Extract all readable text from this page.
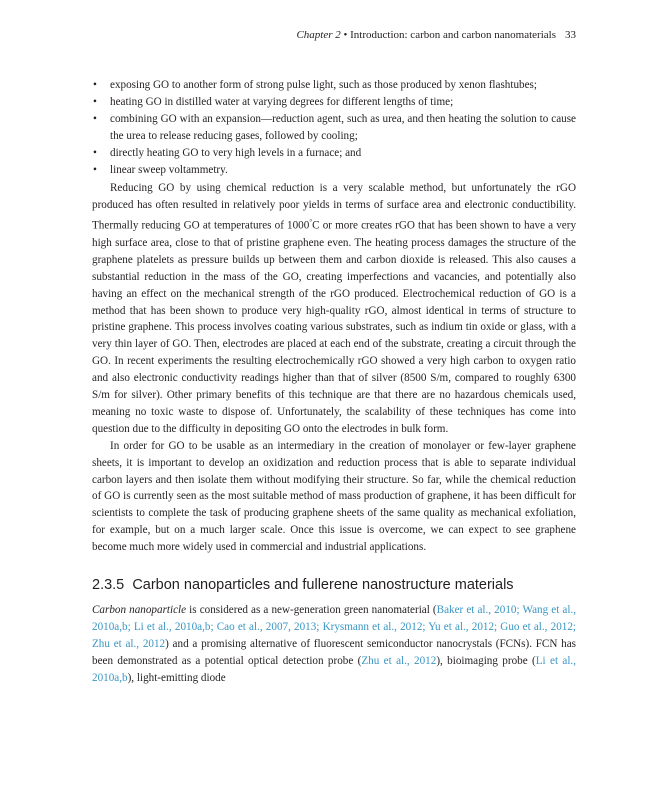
Chapter 2 • Introduction: carbon and carbon nanomaterials 33
• exposing GO to another form of strong pulse light, such as those produced by xenon flashtubes;
• heating GO in distilled water at varying degrees for different lengths of time;
• combining GO with an expansion—reduction agent, such as urea, and then heating the solution to cause the urea to release reducing gases, followed by cooling;
• directly heating GO to very high levels in a furnace; and
• linear sweep voltammetry.

Reducing GO by using chemical reduction is a very scalable method, but unfortunately the rGO produced has often resulted in relatively poor yields in terms of surface area and electronic conductibility. Thermally reducing GO at temperatures of 1000°C or more creates rGO that has been shown to have a very high surface area, close to that of pristine graphene even. The heating process damages the structure of the graphene platelets as pressure builds up between them and carbon dioxide is released. This also causes a substantial reduction in the mass of the GO, creating imperfections and vacancies, and potentially also having an effect on the mechanical strength of the rGO produced. Electrochemical reduction of GO is a method that has been shown to produce very high-quality rGO, almost identical in terms of structure to pristine graphene. This process involves coating various substrates, such as indium tin oxide or glass, with a very thin layer of GO. Then, electrodes are placed at each end of the substrate, creating a circuit through the GO. In recent experiments the resulting electrochemically rGO showed a very high carbon to oxygen ratio and also electronic conductivity readings higher than that of silver (8500 S/m, compared to roughly 6300 S/m for silver). Other primary benefits of this technique are that there are no hazardous chemicals used, meaning no toxic waste to dispose of. Unfortunately, the scalability of these techniques has come into question due to the difficulty in depositing GO onto the electrodes in bulk form.

In order for GO to be usable as an intermediary in the creation of monolayer or few-layer graphene sheets, it is important to develop an oxidization and reduction process that is able to separate individual carbon layers and then isolate them without modifying their structure. So far, while the chemical reduction of GO is currently seen as the most suitable method of mass production of graphene, it has been difficult for scientists to complete the task of producing graphene sheets of the same quality as mechanical exfoliation, for example, but on a much larger scale. Once this issue is overcome, we can expect to see graphene become much more widely used in commercial and industrial applications.

2.3.5 Carbon nanoparticles and fullerene nanostructure materials

Carbon nanoparticle is considered as a new-generation green nanomaterial (Baker et al., 2010; Wang et al., 2010a,b; Li et al., 2010a,b; Cao et al., 2007, 2013; Krysmann et al., 2012; Yu et al., 2012; Guo et al., 2012; Zhu et al., 2012) and a promising alternative of fluorescent semiconductor nanocrystals (FCNs). FCN has been demonstrated as a potential optical detection probe (Zhu et al., 2012), bioimaging probe (Li et al., 2010a,b), light-emitting diode
